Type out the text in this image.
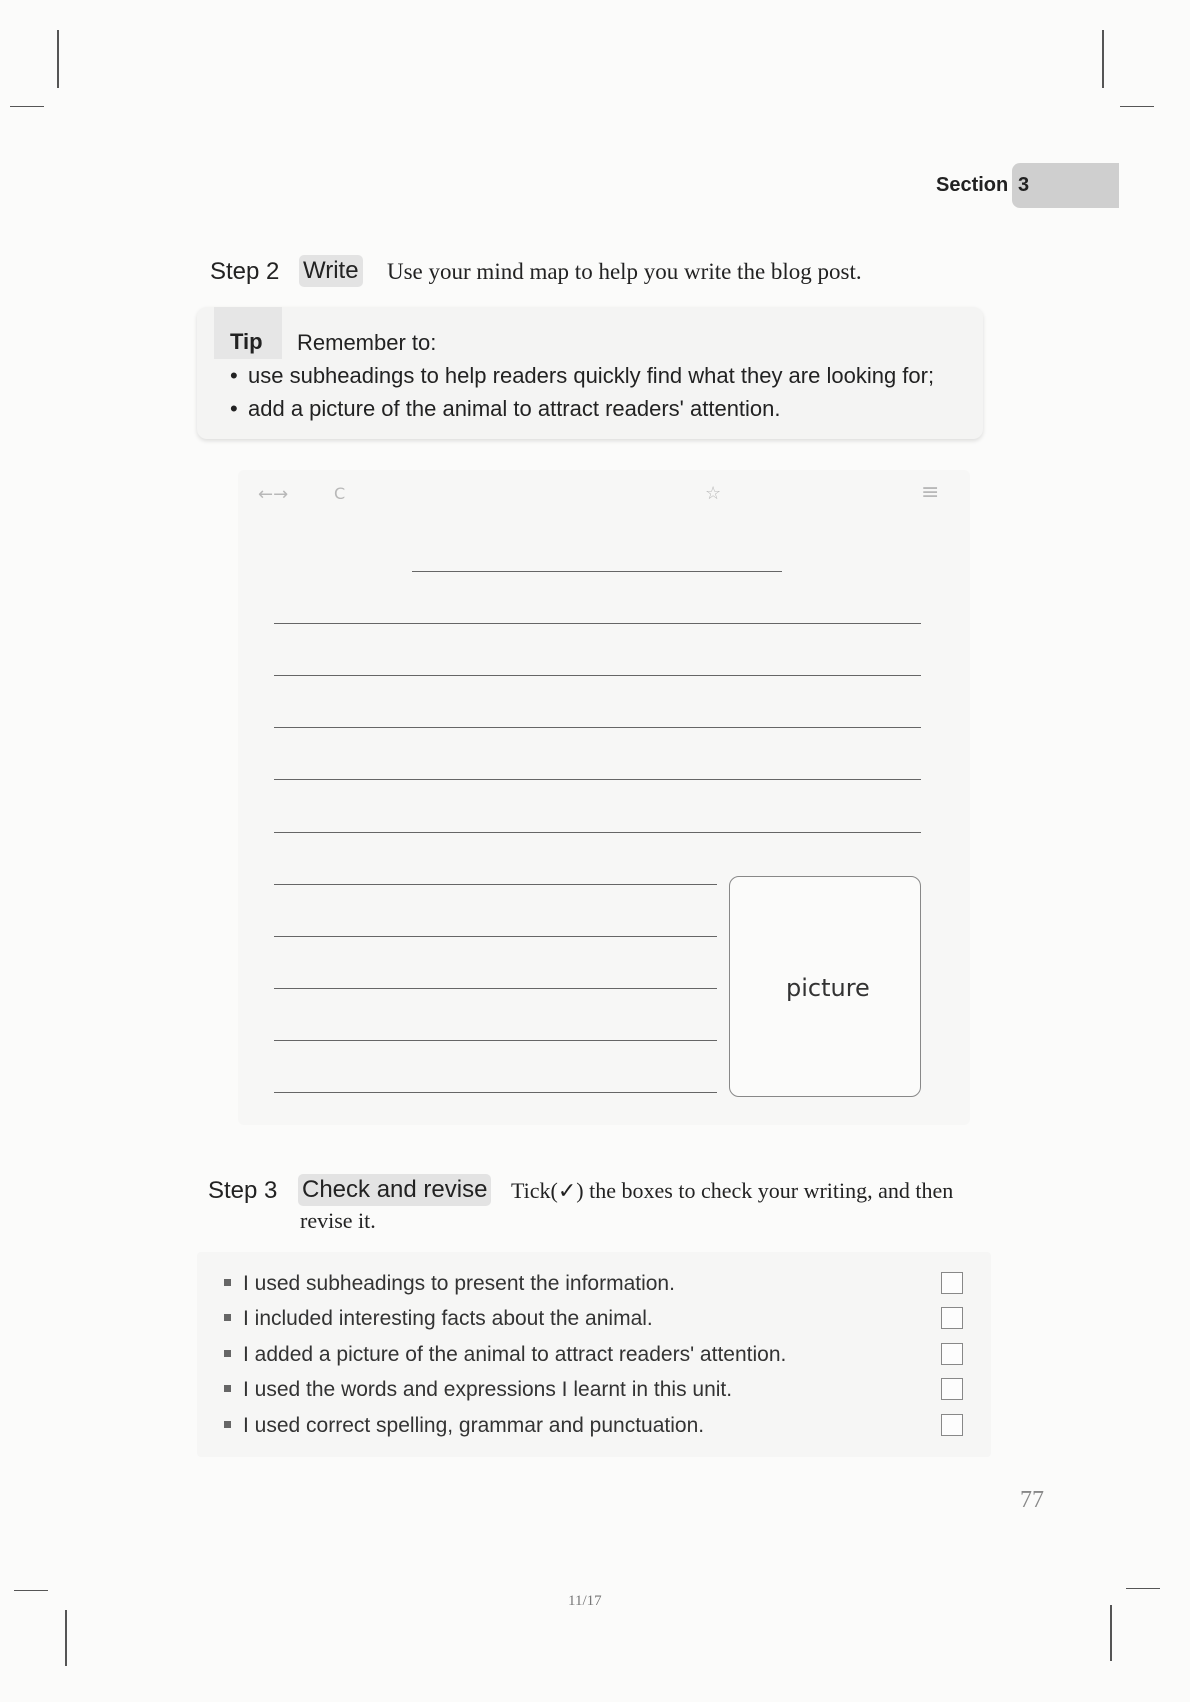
Section 3
Step 2 Write Use your mind map to help you write the blog post.
Tip Remember to:
• use subheadings to help readers quickly find what they are looking for;
• add a picture of the animal to attract readers' attention.
←→	C	☆	≡
picture
Step 3 Check and revise Tick(✓) the boxes to check your writing, and then
revise it.
I used subheadings to present the information.
I included interesting facts about the animal.
I added a picture of the animal to attract readers' attention.
I used the words and expressions I learnt in this unit.
I used correct spelling, grammar and punctuation.
77
11/17
